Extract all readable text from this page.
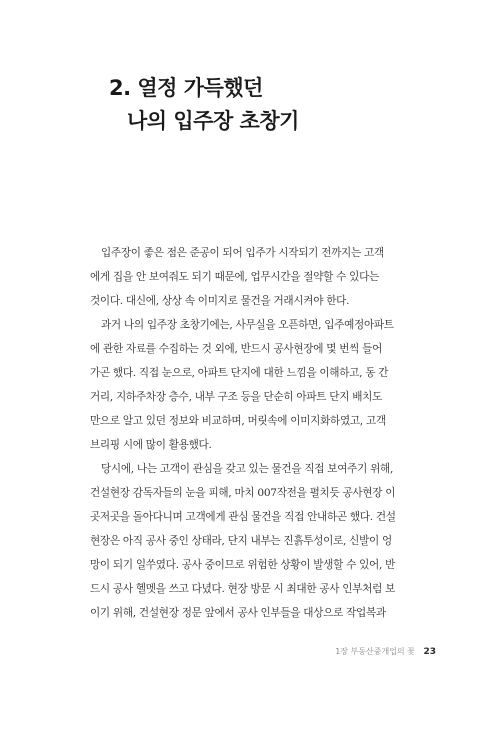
2. 열정 가득했던
나의 입주장 초창기
입주장이 좋은 점은 준공이 되어 입주가 시작되기 전까지는 고객
에게 집을 안 보여줘도 되기 때문에, 업무시간을 절약할 수 있다는
것이다. 대신에, 상상 속 이미지로 물건을 거래시켜야 한다.
과거 나의 입주장 초창기에는, 사무실을 오픈하면, 입주예정아파트
에 관한 자료를 수집하는 것 외에, 반드시 공사현장에 몇 번씩 들어
가곤 했다. 직접 눈으로, 아파트 단지에 대한 느낌을 이해하고, 동 간
거리, 지하주차장 층수, 내부 구조 등을 단순히 아파트 단지 배치도
만으로 알고 있던 정보와 비교하며, 머릿속에 이미지화하였고, 고객
브리핑 시에 많이 활용했다.
당시에, 나는 고객이 관심을 갖고 있는 물건을 직접 보여주기 위해,
건설현장 감독자들의 눈을 피해, 마치 007작전을 펼치듯 공사현장 이
곳저곳을 돌아다니며 고객에게 관심 물건을 직접 안내하곤 했다. 건설
현장은 아직 공사 중인 상태라, 단지 내부는 진흙투성이로, 신발이 엉
망이 되기 일쑤였다. 공사 중이므로 위험한 상황이 발생할 수 있어, 반
드시 공사 헬멧을 쓰고 다녔다. 현장 방문 시 최대한 공사 인부처럼 보
이기 위해, 건설현장 정문 앞에서 공사 인부들을 대상으로 작업복과
1장 부동산중개업의 꽃 23
